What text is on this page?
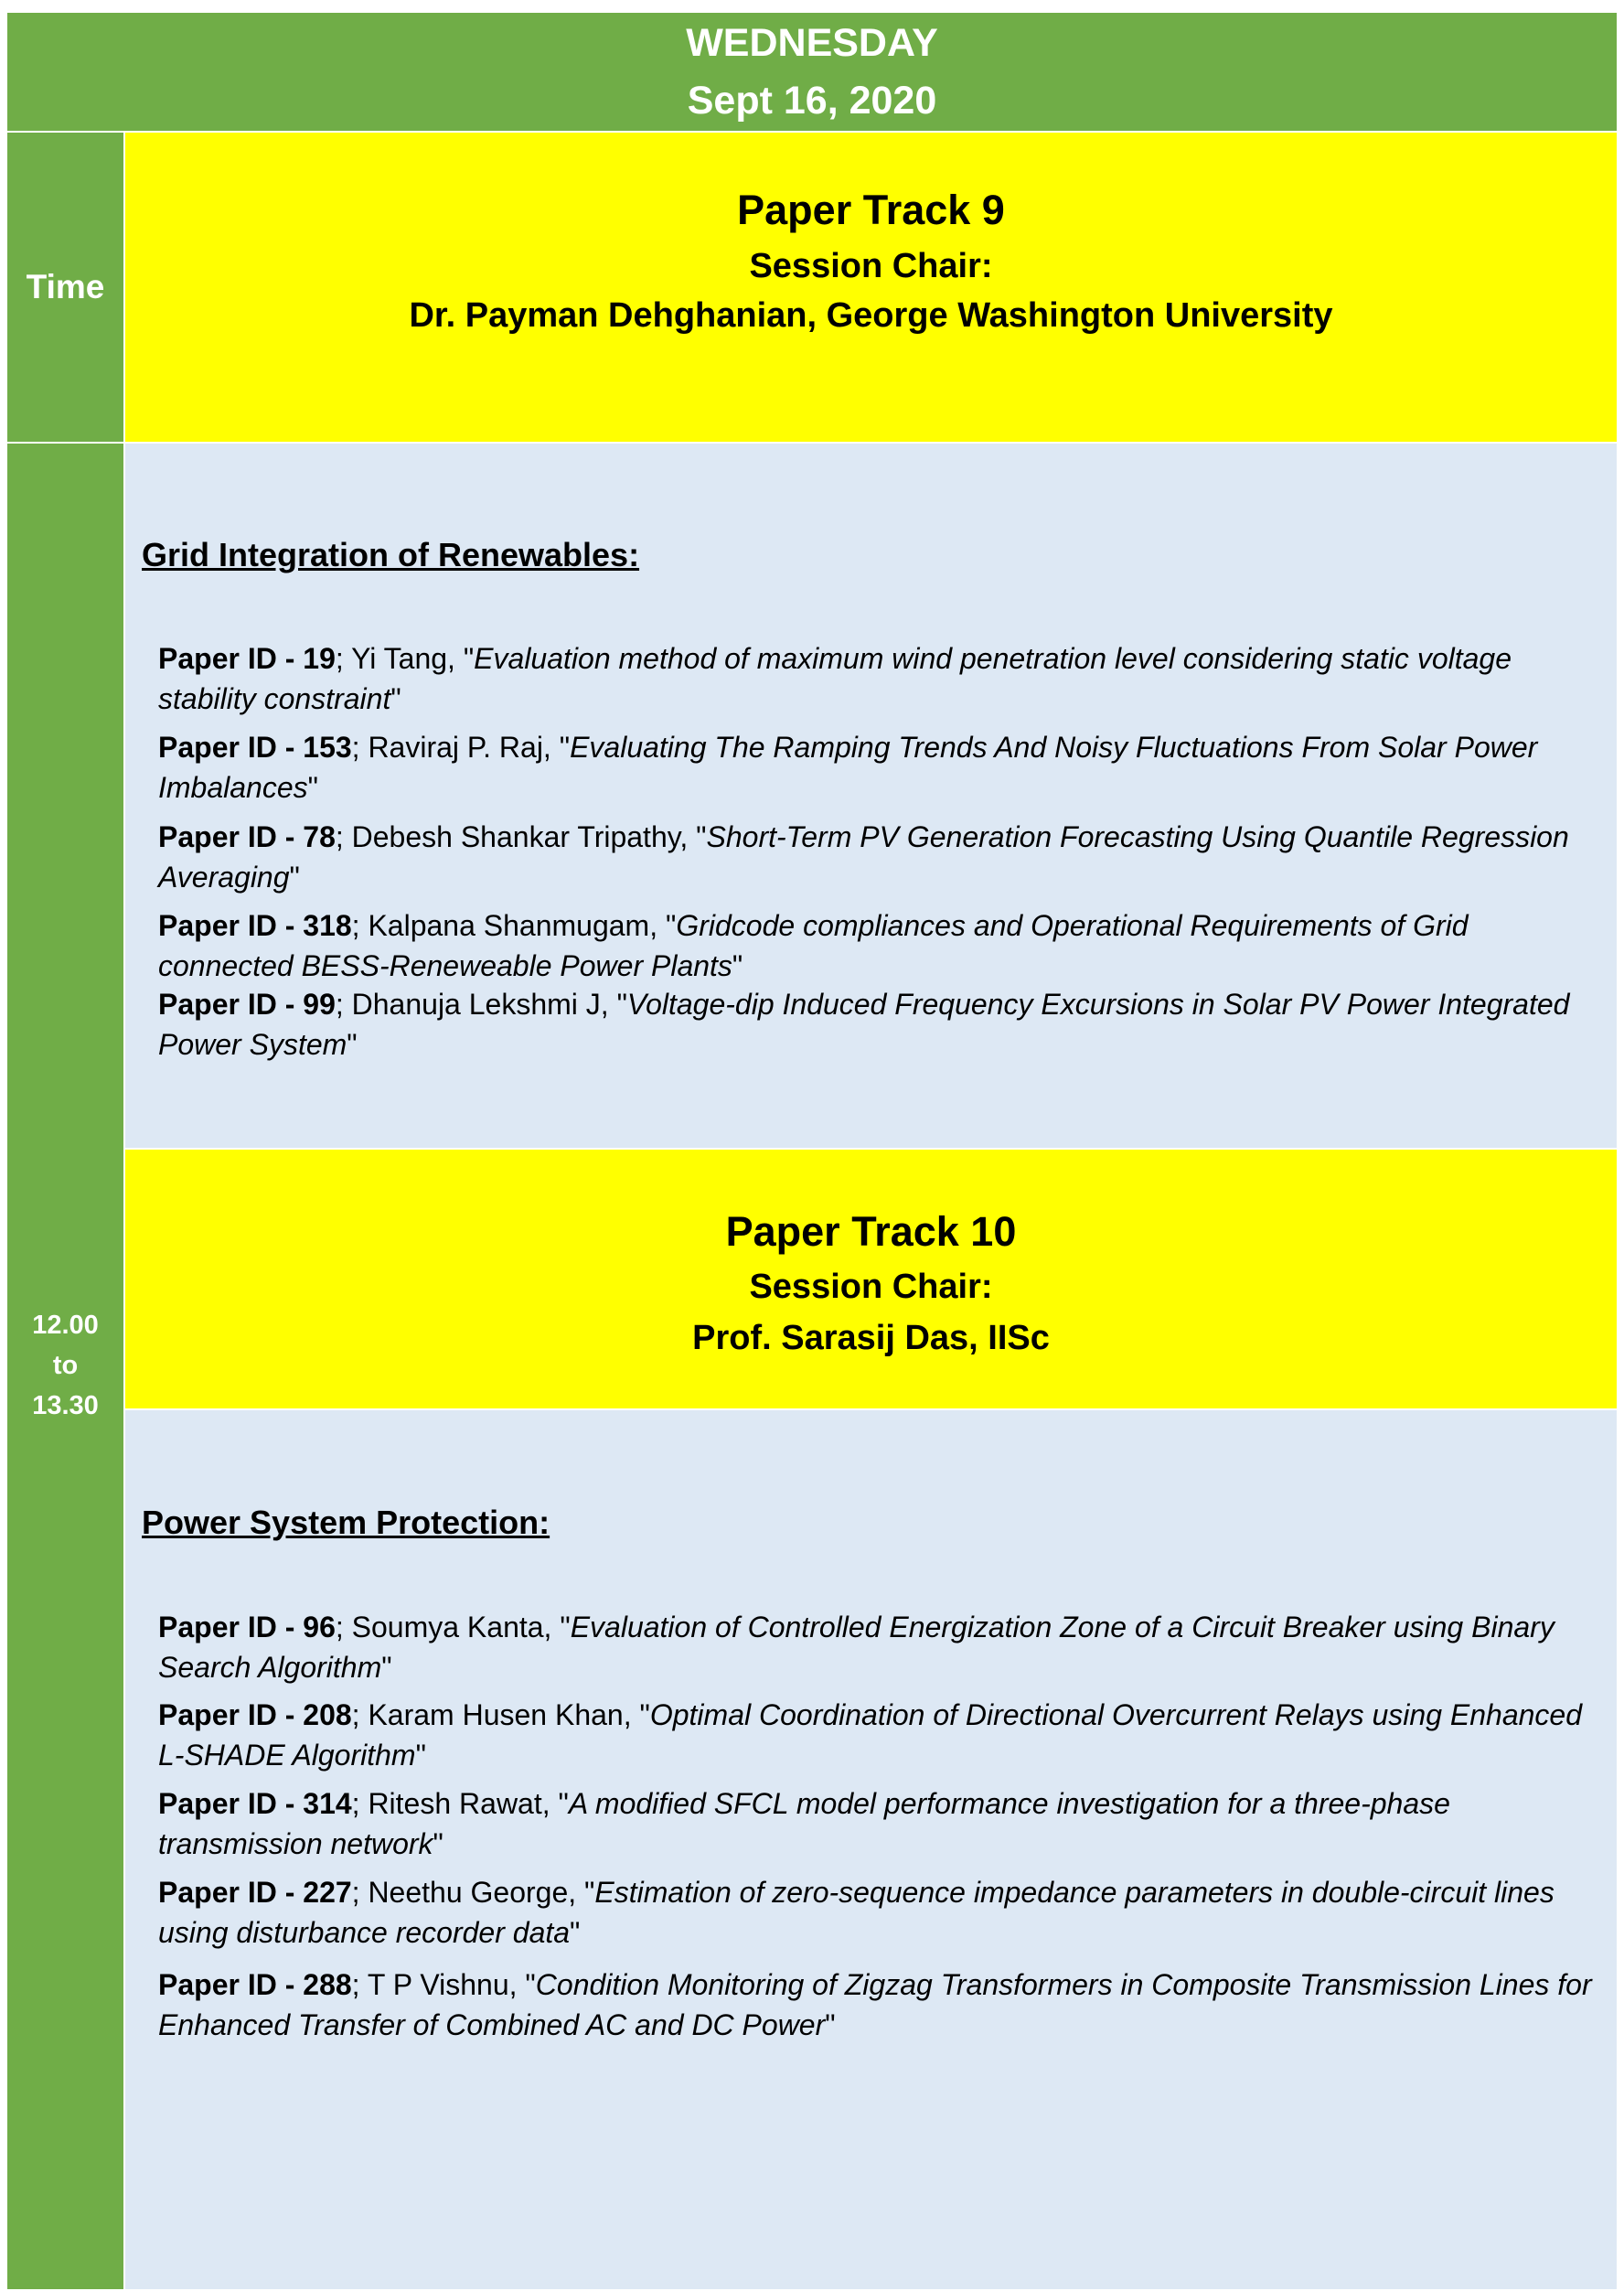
WEDNESDAY
Sept 16, 2020
Time
12.00
to
13.30
Paper Track 9
Session Chair:
Dr. Payman Dehghanian, George Washington University
Grid Integration of Renewables:
Paper ID - 19; Yi Tang, "Evaluation method of maximum wind penetration level considering static voltage stability constraint"
Paper ID - 153; Raviraj P. Raj, "Evaluating The Ramping Trends And Noisy Fluctuations From Solar Power Imbalances"
Paper ID - 78; Debesh Shankar Tripathy, "Short-Term PV Generation Forecasting Using Quantile Regression Averaging"
Paper ID - 318; Kalpana Shanmugam, "Gridcode compliances and Operational Requirements of Grid connected BESS-Reneweable Power Plants"
Paper ID - 99; Dhanuja Lekshmi J, "Voltage-dip Induced Frequency Excursions in Solar PV Power Integrated Power System"
Paper Track 10
Session Chair:
Prof. Sarasij Das, IISc
Power System Protection:
Paper ID - 96; Soumya Kanta, "Evaluation of Controlled Energization Zone of a Circuit Breaker using Binary Search Algorithm"
Paper ID - 208; Karam Husen Khan, "Optimal Coordination of Directional Overcurrent Relays using Enhanced L-SHADE Algorithm"
Paper ID - 314; Ritesh Rawat, "A modified SFCL model performance investigation for a three-phase transmission network"
Paper ID - 227; Neethu George, "Estimation of zero-sequence impedance parameters in double-circuit lines using disturbance recorder data"
Paper ID - 288; T P Vishnu, "Condition Monitoring of Zigzag Transformers in Composite Transmission Lines for Enhanced Transfer of Combined AC and DC Power"
